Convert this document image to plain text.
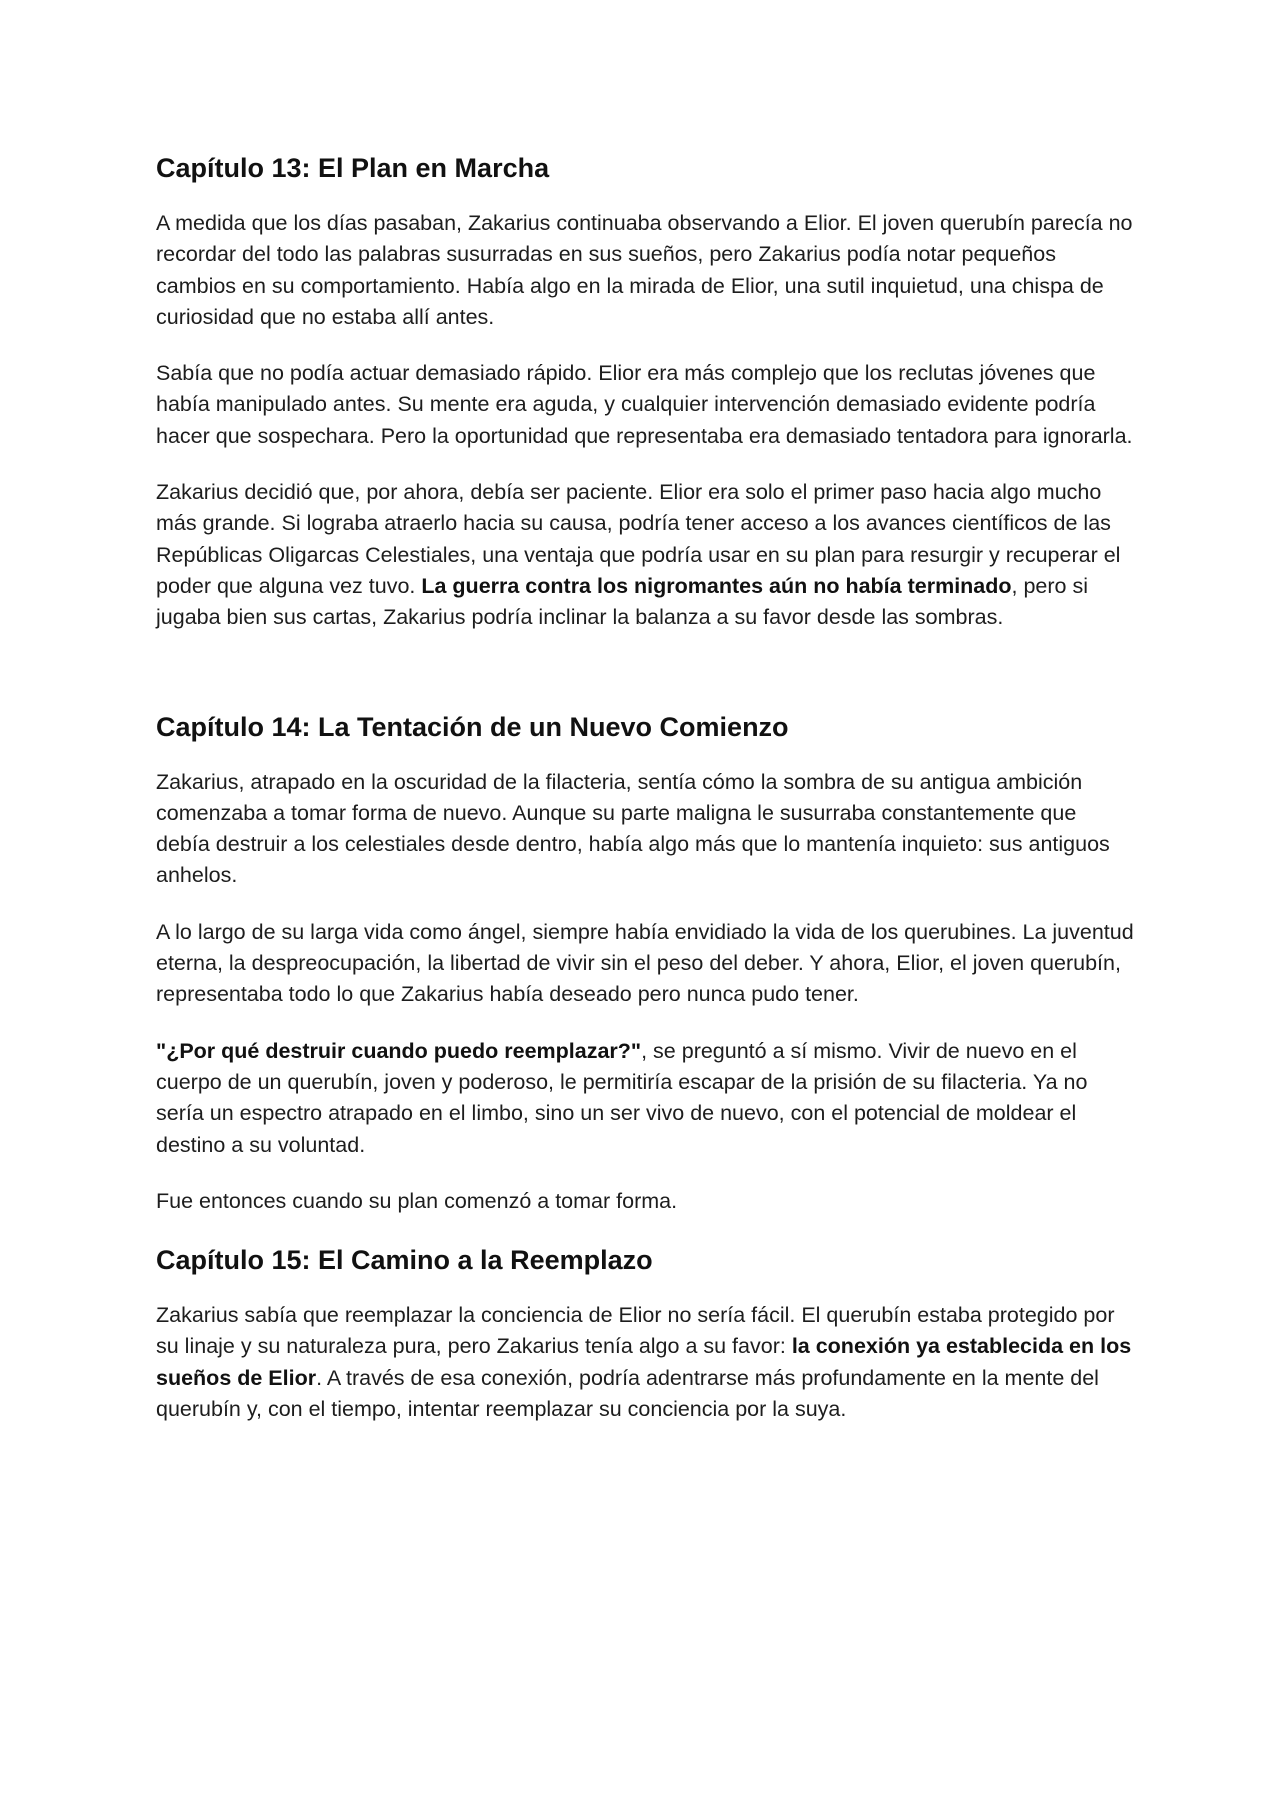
Capítulo 13: El Plan en Marcha

A medida que los días pasaban, Zakarius continuaba observando a Elior. El joven querubín parecía no recordar del todo las palabras susurradas en sus sueños, pero Zakarius podía notar pequeños cambios en su comportamiento. Había algo en la mirada de Elior, una sutil inquietud, una chispa de curiosidad que no estaba allí antes.

Sabía que no podía actuar demasiado rápido. Elior era más complejo que los reclutas jóvenes que había manipulado antes. Su mente era aguda, y cualquier intervención demasiado evidente podría hacer que sospechara. Pero la oportunidad que representaba era demasiado tentadora para ignorarla.

Zakarius decidió que, por ahora, debía ser paciente. Elior era solo el primer paso hacia algo mucho más grande. Si lograba atraerlo hacia su causa, podría tener acceso a los avances científicos de las Repúblicas Oligarcas Celestiales, una ventaja que podría usar en su plan para resurgir y recuperar el poder que alguna vez tuvo. La guerra contra los nigromantes aún no había terminado, pero si jugaba bien sus cartas, Zakarius podría inclinar la balanza a su favor desde las sombras.

Capítulo 14: La Tentación de un Nuevo Comienzo

Zakarius, atrapado en la oscuridad de la filacteria, sentía cómo la sombra de su antigua ambición comenzaba a tomar forma de nuevo. Aunque su parte maligna le susurraba constantemente que debía destruir a los celestiales desde dentro, había algo más que lo mantenía inquieto: sus antiguos anhelos.

A lo largo de su larga vida como ángel, siempre había envidiado la vida de los querubines. La juventud eterna, la despreocupación, la libertad de vivir sin el peso del deber. Y ahora, Elior, el joven querubín, representaba todo lo que Zakarius había deseado pero nunca pudo tener.

"¿Por qué destruir cuando puedo reemplazar?", se preguntó a sí mismo. Vivir de nuevo en el cuerpo de un querubín, joven y poderoso, le permitiría escapar de la prisión de su filacteria. Ya no sería un espectro atrapado en el limbo, sino un ser vivo de nuevo, con el potencial de moldear el destino a su voluntad.

Fue entonces cuando su plan comenzó a tomar forma.

Capítulo 15: El Camino a la Reemplazo

Zakarius sabía que reemplazar la conciencia de Elior no sería fácil. El querubín estaba protegido por su linaje y su naturaleza pura, pero Zakarius tenía algo a su favor: la conexión ya establecida en los sueños de Elior. A través de esa conexión, podría adentrarse más profundamente en la mente del querubín y, con el tiempo, intentar reemplazar su conciencia por la suya.
